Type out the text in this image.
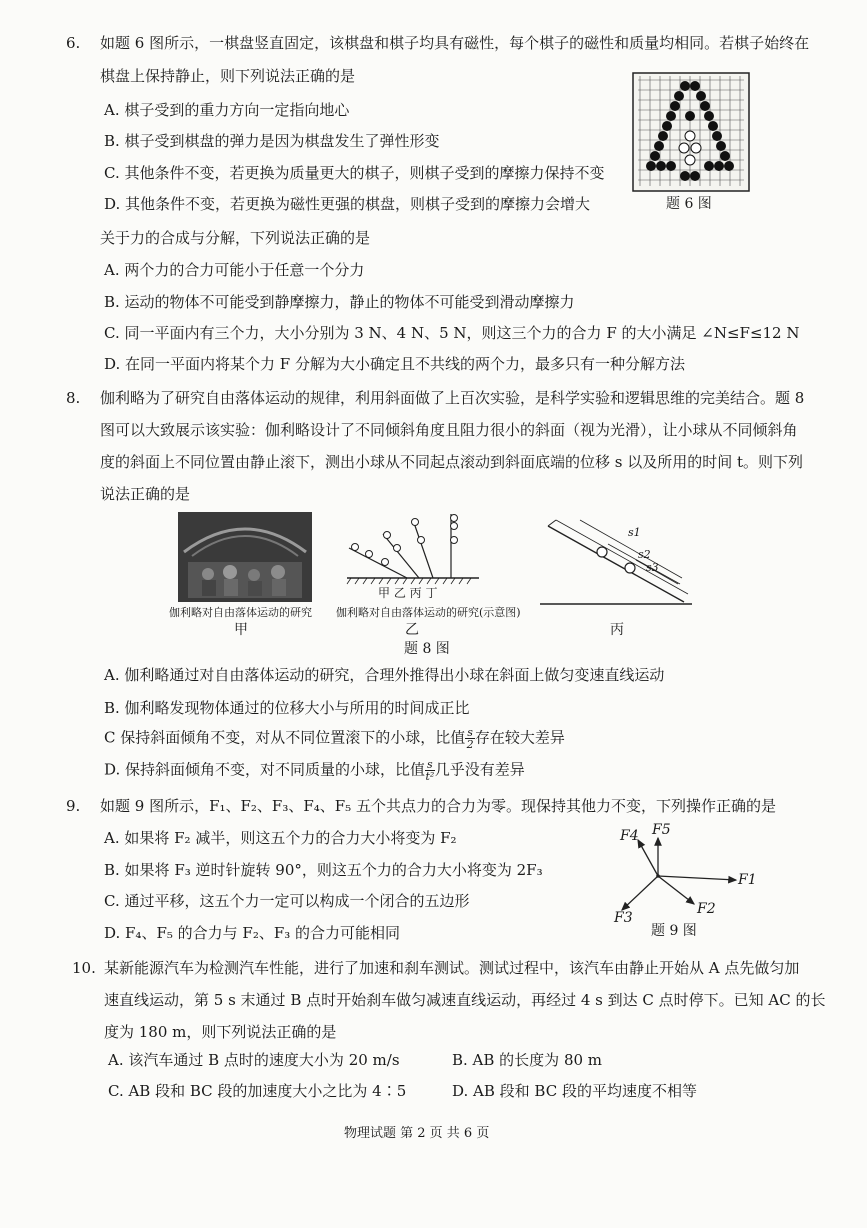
6. 如题 6 图所示，一棋盘竖直固定，该棋盘和棋子均具有磁性，每个棋子的磁性和质量均相同。若棋子始终在
棋盘上保持静止，则下列说法正确的是
A. 棋子受到的重力方向一定指向地心
B. 棋子受到棋盘的弹力是因为棋盘发生了弹性形变
C. 其他条件不变，若更换为质量更大的棋子，则棋子受到的摩擦力保持不变
D. 其他条件不变，若更换为磁性更强的棋盘，则棋子受到的摩擦力会增大	题 6 图
关于力的合成与分解，下列说法正确的是
A. 两个力的合力可能小于任意一个分力
B. 运动的物体不可能受到静摩擦力，静止的物体不可能受到滑动摩擦力
C. 同一平面内有三个力，大小分别为 3 N、4 N、5 N，则这三个力的合力 F 的大小满足 ∠N≤F≤12 N
D. 在同一平面内将某个力 F 分解为大小确定且不共线的两个力，最多只有一种分解方法
8. 伽利略为了研究自由落体运动的规律，利用斜面做了上百次实验，是科学实验和逻辑思维的完美结合。题 8
图可以大致展示该实验：伽利略设计了不同倾斜角度且阻力很小的斜面（视为光滑），让小球从不同倾斜角
度的斜面上不同位置由静止滚下，测出小球从不同起点滚动到斜面底端的位移 s 以及所用的时间 t。则下列
说法正确的是
伽利略对自由落体运动的研究
甲
甲 乙 丙 丁
伽利略对自由落体运动的研究(示意图)
乙
s1
s2
s3
丙
题 8 图
A. 伽利略通过对自由落体运动的研究，合理外推得出小球在斜面上做匀变速直线运动
B. 伽利略发现物体通过的位移大小与所用的时间成正比
C 保持斜面倾角不变，对从不同位置滚下的小球，比值 $\frac{s}{2}$ 存在较大差异
D. 保持斜面倾角不变，对不同质量的小球，比值 $\frac{s}{\text{t²}}$ 几乎没有差异
9. 如题 9 图所示，F₁、F₂、F₃、F₄、F₅ 五个共点力的合力为零。现保持其他力不变，下列操作正确的是
A. 如果将 F₂ 减半，则这五个力的合力大小将变为 F₂
B. 如果将 F₃ 逆时针旋转 90°，则这五个力的合力大小将变为 2F₃
C. 通过平移，这五个力一定可以构成一个闭合的五边形
D. F₄、F₅ 的合力与 F₂、F₃ 的合力可能相同
F4 F5
F1
F2
F3
题 9 图
10. 某新能源汽车为检测汽车性能，进行了加速和刹车测试。测试过程中，该汽车由静止开始从 A 点先做匀加
速直线运动，第 5 s 末通过 B 点时开始刹车做匀减速直线运动，再经过 4 s 到达 C 点时停下。已知 AC 的长
度为 180 m，则下列说法正确的是
A. 该汽车通过 B 点时的速度大小为 20 m/s	B. AB 的长度为 80 m
C. AB 段和 BC 段的加速度大小之比为 4∶5	D. AB 段和 BC 段的平均速度不相等
物理试题 第 2 页 共 6 页
